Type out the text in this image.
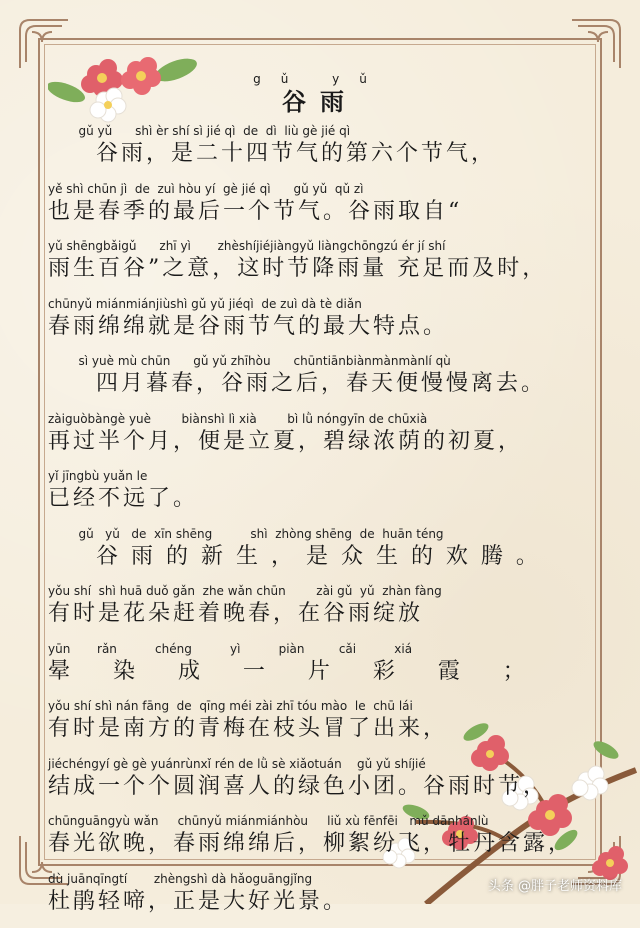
gǔ yǔ
谷雨
gǔ yǔ      shì èr shí sì jié qì  de  dì  liù gè jié qì
谷雨，是二十四节气的第六个节气，
yě shì chūn jì  de  zuì hòu yí  gè jié qì      gǔ yǔ  qǔ zì
也是春季的最后一个节气。谷雨取自“
yǔ shēngbǎigǔ      zhī yì       zhèshíjiéjiàngyǔ liàngchōngzú ér jí shí
雨生百谷”之意，这时节降雨量 充足而及时，
chūnyǔ miánmiánjiùshì gǔ yǔ jiéqì  de zuì dà tè diǎn
春雨绵绵就是谷雨节气的最大特点。
sì yuè mù chūn      gǔ yǔ zhīhòu      chūntiānbiànmànmànlí qù
四月暮春，谷雨之后，春天便慢慢离去。
zàiguòbàngè yuè        biànshì lì xià        bì lǜ nóngyīn de chūxià
再过半个月，便是立夏，碧绿浓荫的初夏，
yǐ jīngbù yuǎn le
已经不远了。
gǔ   yǔ   de  xīn shēng          shì  zhòng shēng  de  huān téng
谷 雨 的 新 生 ， 是 众 生 的 欢 腾 。
yǒu shí  shì huā duǒ gǎn  zhe wǎn chūn        zài gǔ  yǔ  zhàn fàng
有时是花朵赶着晚春，在谷雨绽放
yūn       rǎn          chéng          yì          piàn         cǎi          xiá
晕    染    成    一    片    彩    霞    ；
yǒu shí shì nán fāng  de  qīng méi zài zhī tóu mào  le  chū lái
有时是南方的青梅在枝头冒了出来，
jiéchéngyí gè gè yuánrùnxǐ rén de lǜ sè xiǎotuán    gǔ yǔ shíjié
结成一个个圆润喜人的绿色小团。谷雨时节，
chūnguāngyù wǎn     chūnyǔ miánmiánhòu     liǔ xù fēnfēi   mǔ dānhánlù
春光欲晚，春雨绵绵后，柳絮纷飞，牡丹含露，
dù juānqīngtí       zhèngshì dà hǎoguāngjǐng
杜鹃轻啼，正是大好光景。
头条 @胖子老师资料库
